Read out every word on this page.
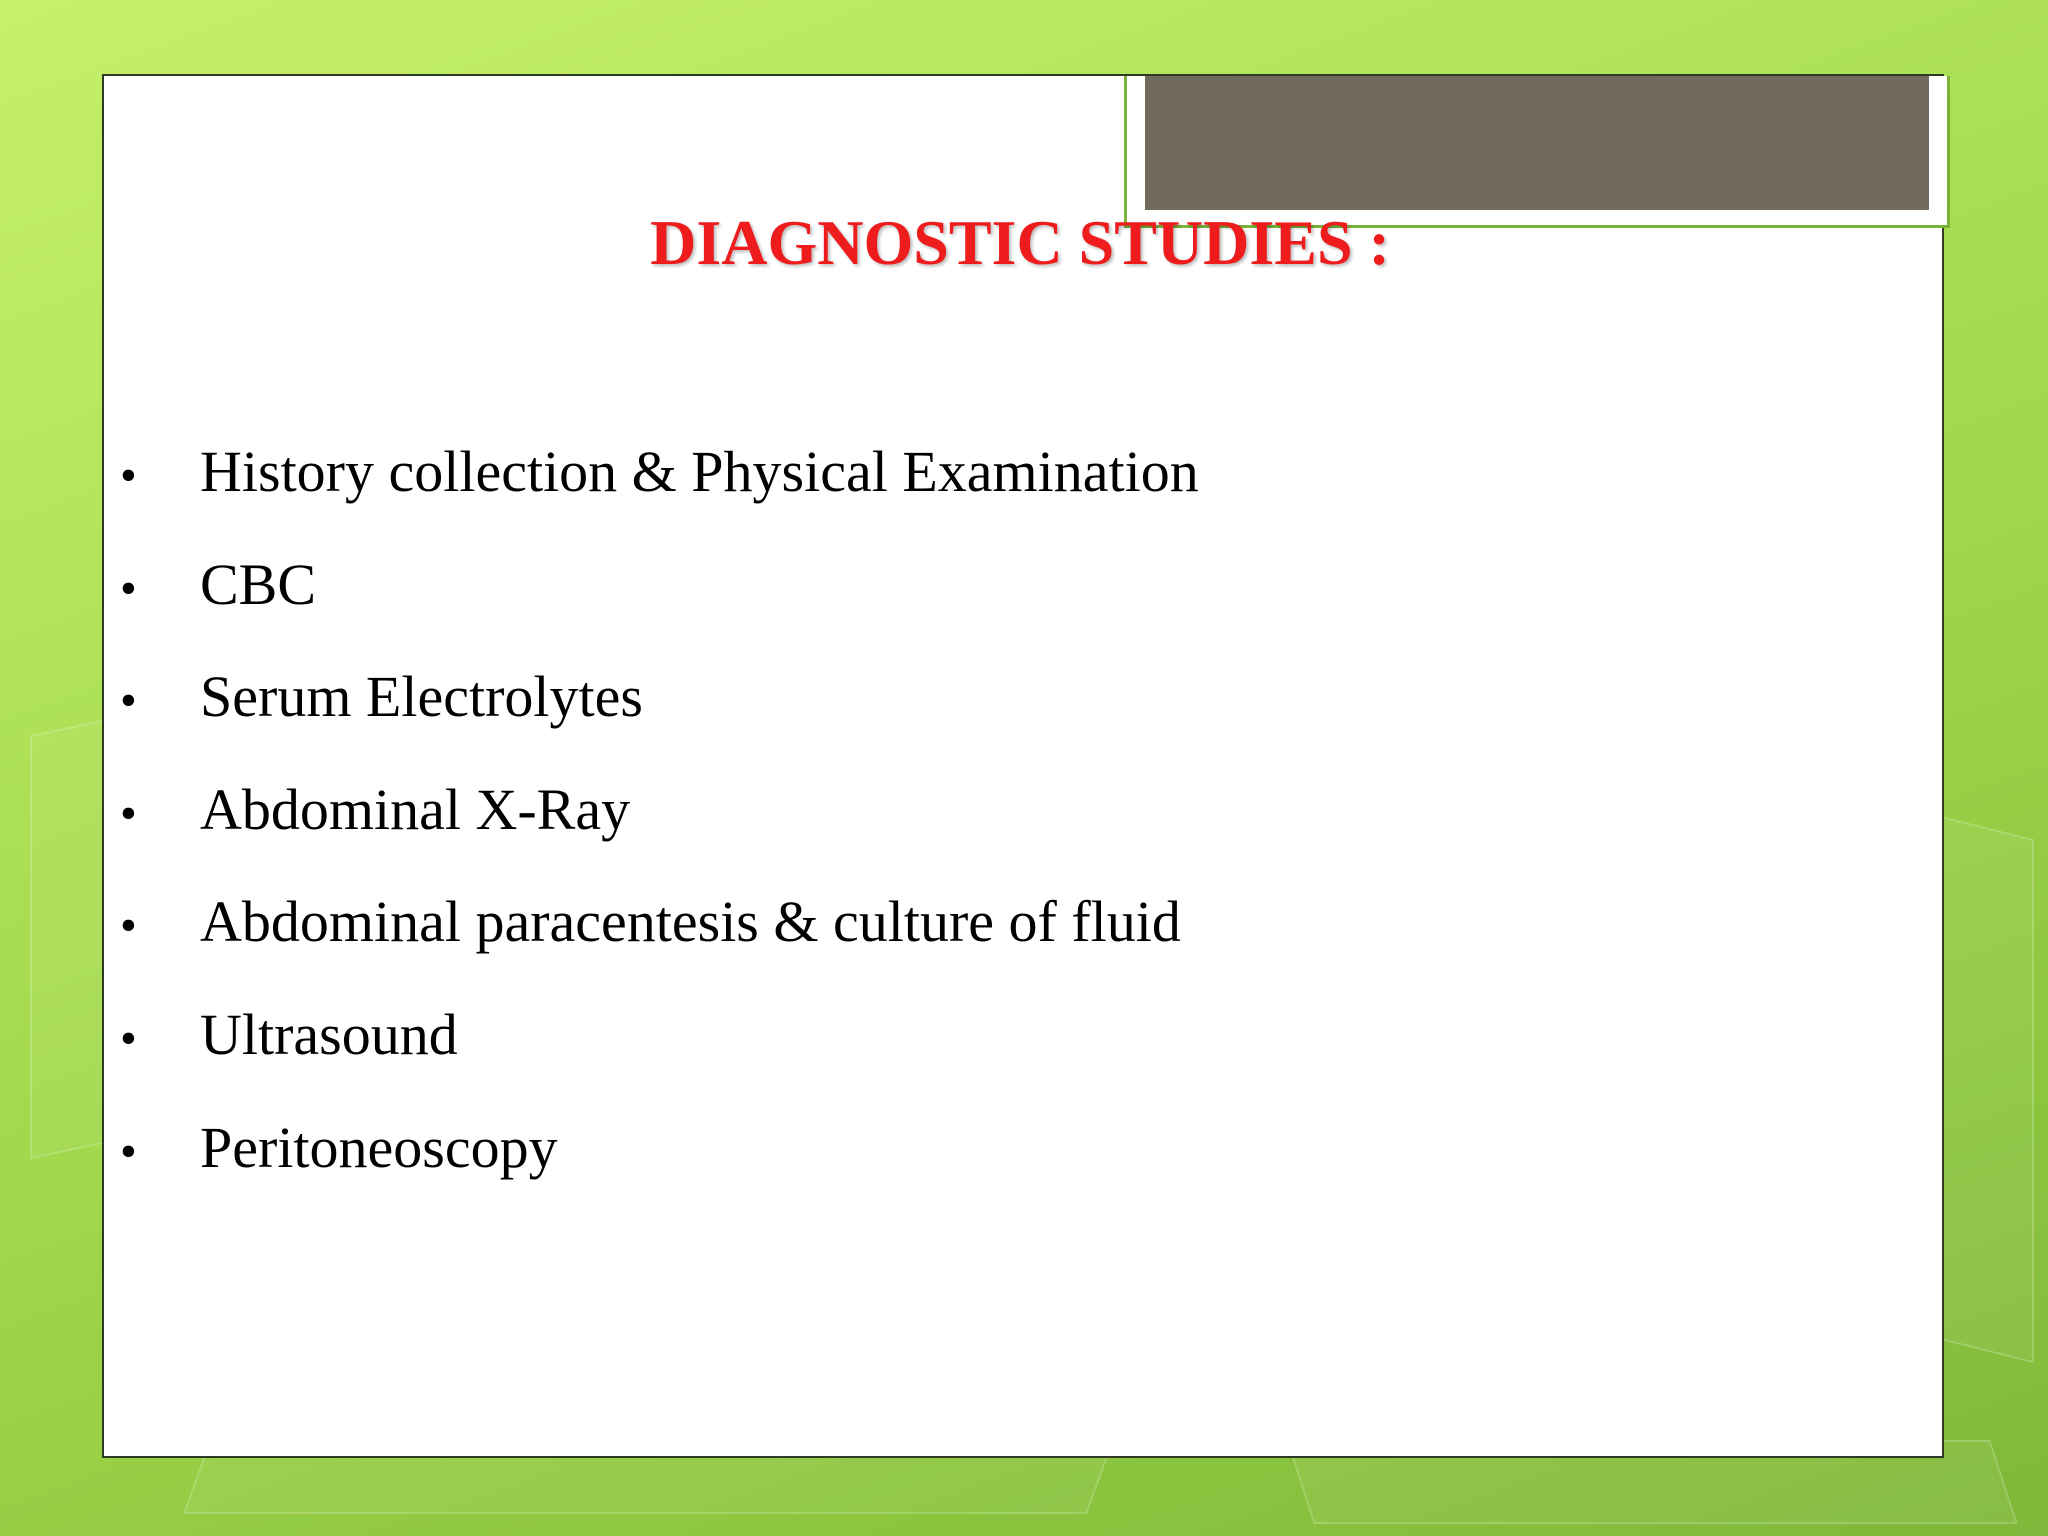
DIAGNOSTIC STUDIES :
•	History collection & Physical Examination
•	CBC
•	Serum Electrolytes
•	Abdominal X-Ray
•	Abdominal paracentesis & culture of fluid
•	Ultrasound
•	Peritoneoscopy
